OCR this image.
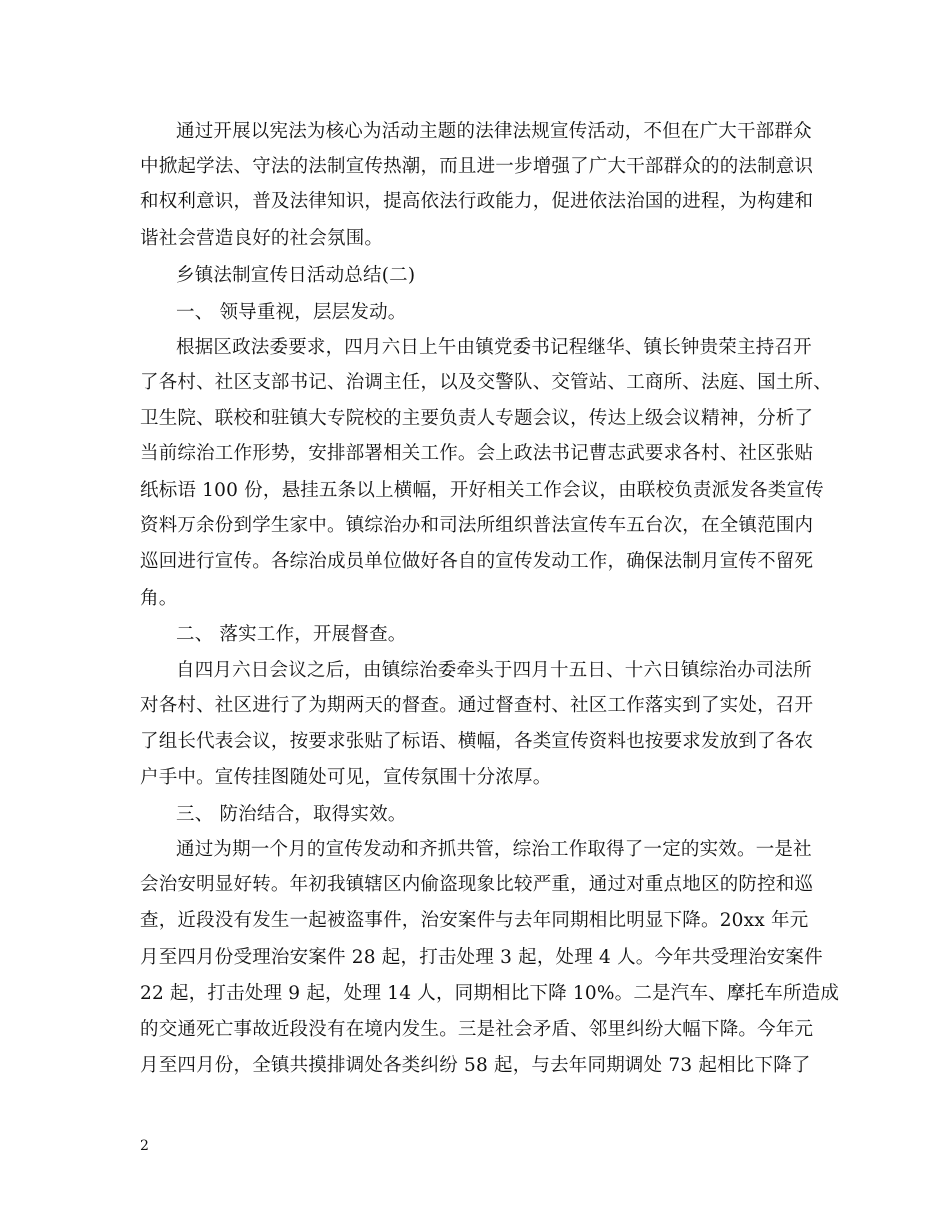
通过开展以宪法为核心为活动主题的法律法规宣传活动，不但在广大干部群众
中掀起学法、守法的法制宣传热潮，而且进一步增强了广大干部群众的的法制意识
和权利意识，普及法律知识，提高依法行政能力，促进依法治国的进程，为构建和
谐社会营造良好的社会氛围。
乡镇法制宣传日活动总结(二)
一、 领导重视，层层发动。
根据区政法委要求，四月六日上午由镇党委书记程继华、镇长钟贵荣主持召开
了各村、社区支部书记、治调主任，以及交警队、交管站、工商所、法庭、国土所、
卫生院、联校和驻镇大专院校的主要负责人专题会议，传达上级会议精神，分析了
当前综治工作形势，安排部署相关工作。会上政法书记曹志武要求各村、社区张贴
纸标语 100 份，悬挂五条以上横幅，开好相关工作会议，由联校负责派发各类宣传
资料万余份到学生家中。镇综治办和司法所组织普法宣传车五台次，在全镇范围内
巡回进行宣传。各综治成员单位做好各自的宣传发动工作，确保法制月宣传不留死
角。
二、 落实工作，开展督查。
自四月六日会议之后，由镇综治委牵头于四月十五日、十六日镇综治办司法所
对各村、社区进行了为期两天的督查。通过督查村、社区工作落实到了实处，召开
了组长代表会议，按要求张贴了标语、横幅，各类宣传资料也按要求发放到了各农
户手中。宣传挂图随处可见，宣传氛围十分浓厚。
三、 防治结合，取得实效。
通过为期一个月的宣传发动和齐抓共管，综治工作取得了一定的实效。一是社
会治安明显好转。年初我镇辖区内偷盗现象比较严重，通过对重点地区的防控和巡
查，近段没有发生一起被盗事件，治安案件与去年同期相比明显下降。20xx 年元
月至四月份受理治安案件 28 起，打击处理 3 起，处理 4 人。今年共受理治安案件
22 起，打击处理 9 起，处理 14 人，同期相比下降 10%。二是汽车、摩托车所造成
的交通死亡事故近段没有在境内发生。三是社会矛盾、邻里纠纷大幅下降。今年元
月至四月份，全镇共摸排调处各类纠纷 58 起，与去年同期调处 73 起相比下降了
2
